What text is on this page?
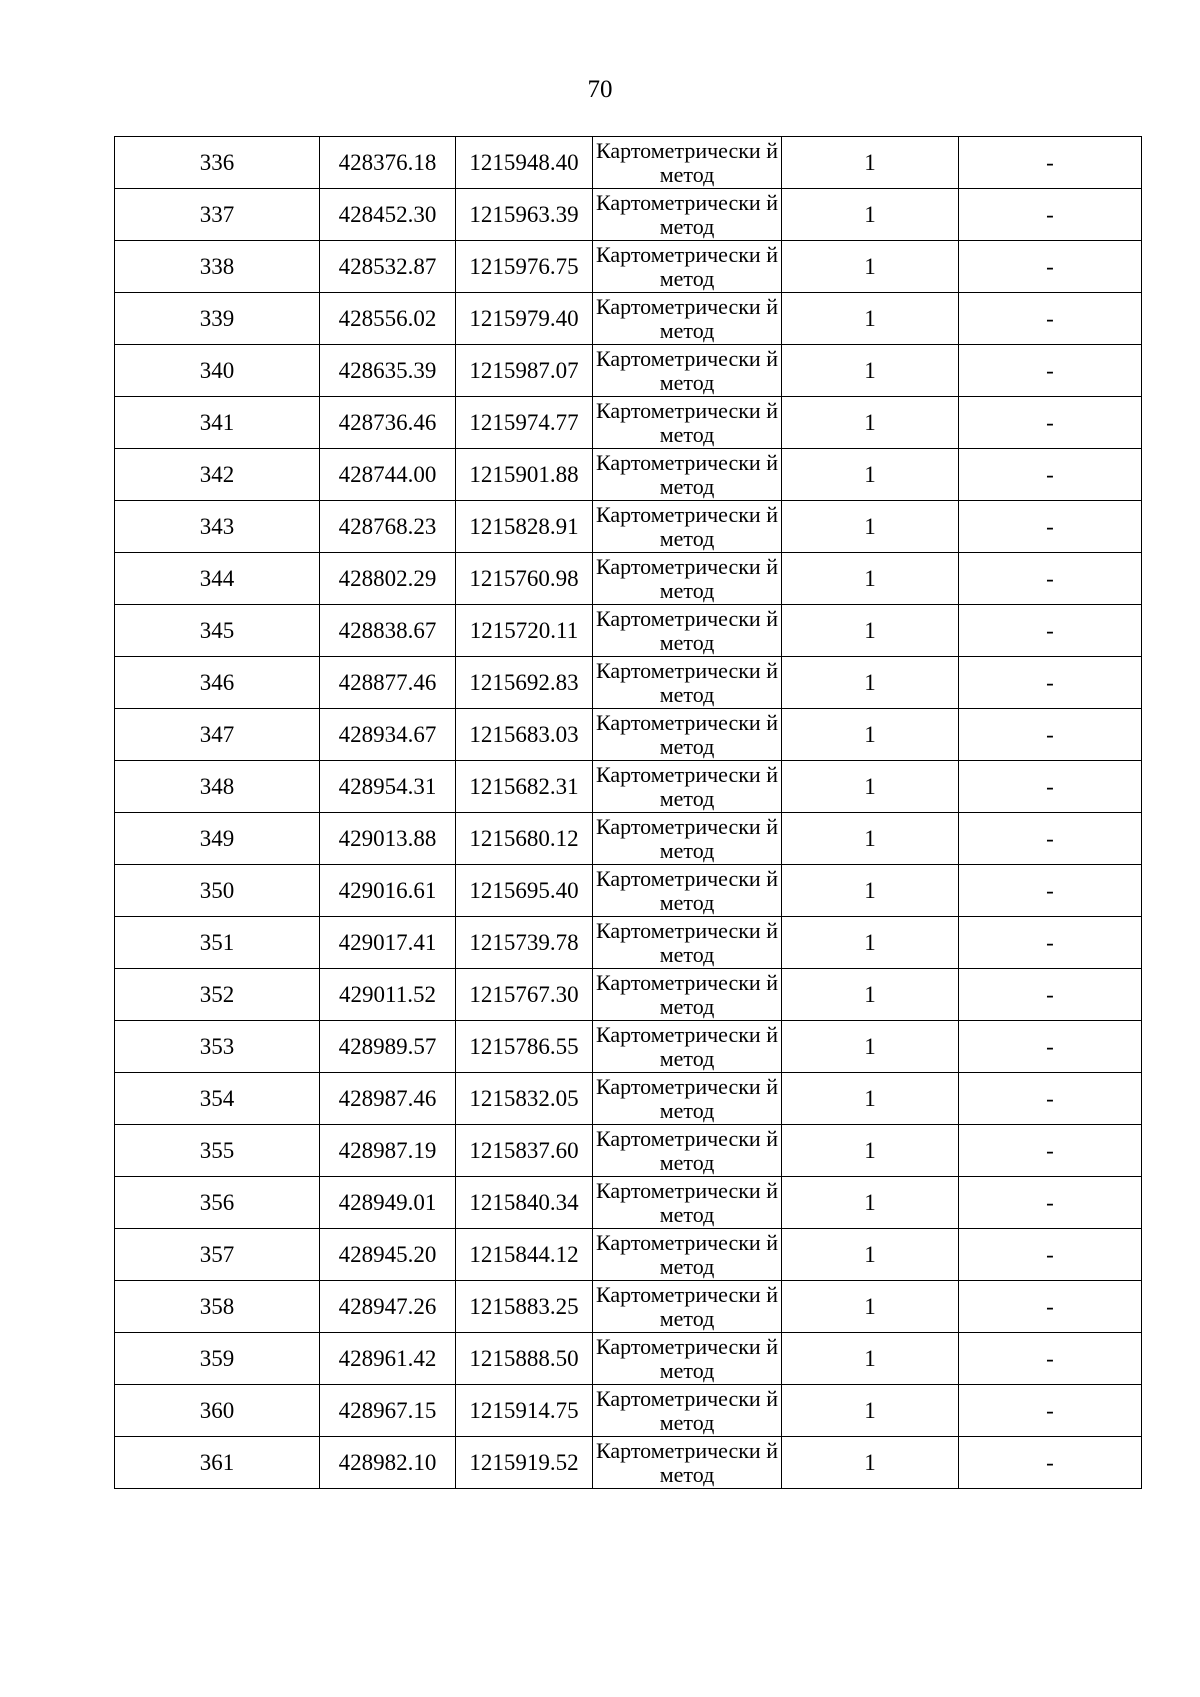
70
336	428376.18	1215948.40	Картометрически й метод	1	-
337	428452.30	1215963.39	Картометрически й метод	1	-
338	428532.87	1215976.75	Картометрически й метод	1	-
339	428556.02	1215979.40	Картометрически й метод	1	-
340	428635.39	1215987.07	Картометрически й метод	1	-
341	428736.46	1215974.77	Картометрически й метод	1	-
342	428744.00	1215901.88	Картометрически й метод	1	-
343	428768.23	1215828.91	Картометрически й метод	1	-
344	428802.29	1215760.98	Картометрически й метод	1	-
345	428838.67	1215720.11	Картометрически й метод	1	-
346	428877.46	1215692.83	Картометрически й метод	1	-
347	428934.67	1215683.03	Картометрически й метод	1	-
348	428954.31	1215682.31	Картометрически й метод	1	-
349	429013.88	1215680.12	Картометрически й метод	1	-
350	429016.61	1215695.40	Картометрически й метод	1	-
351	429017.41	1215739.78	Картометрически й метод	1	-
352	429011.52	1215767.30	Картометрически й метод	1	-
353	428989.57	1215786.55	Картометрически й метод	1	-
354	428987.46	1215832.05	Картометрически й метод	1	-
355	428987.19	1215837.60	Картометрически й метод	1	-
356	428949.01	1215840.34	Картометрически й метод	1	-
357	428945.20	1215844.12	Картометрически й метод	1	-
358	428947.26	1215883.25	Картометрически й метод	1	-
359	428961.42	1215888.50	Картометрически й метод	1	-
360	428967.15	1215914.75	Картометрически й метод	1	-
361	428982.10	1215919.52	Картометрически й метод	1	-
